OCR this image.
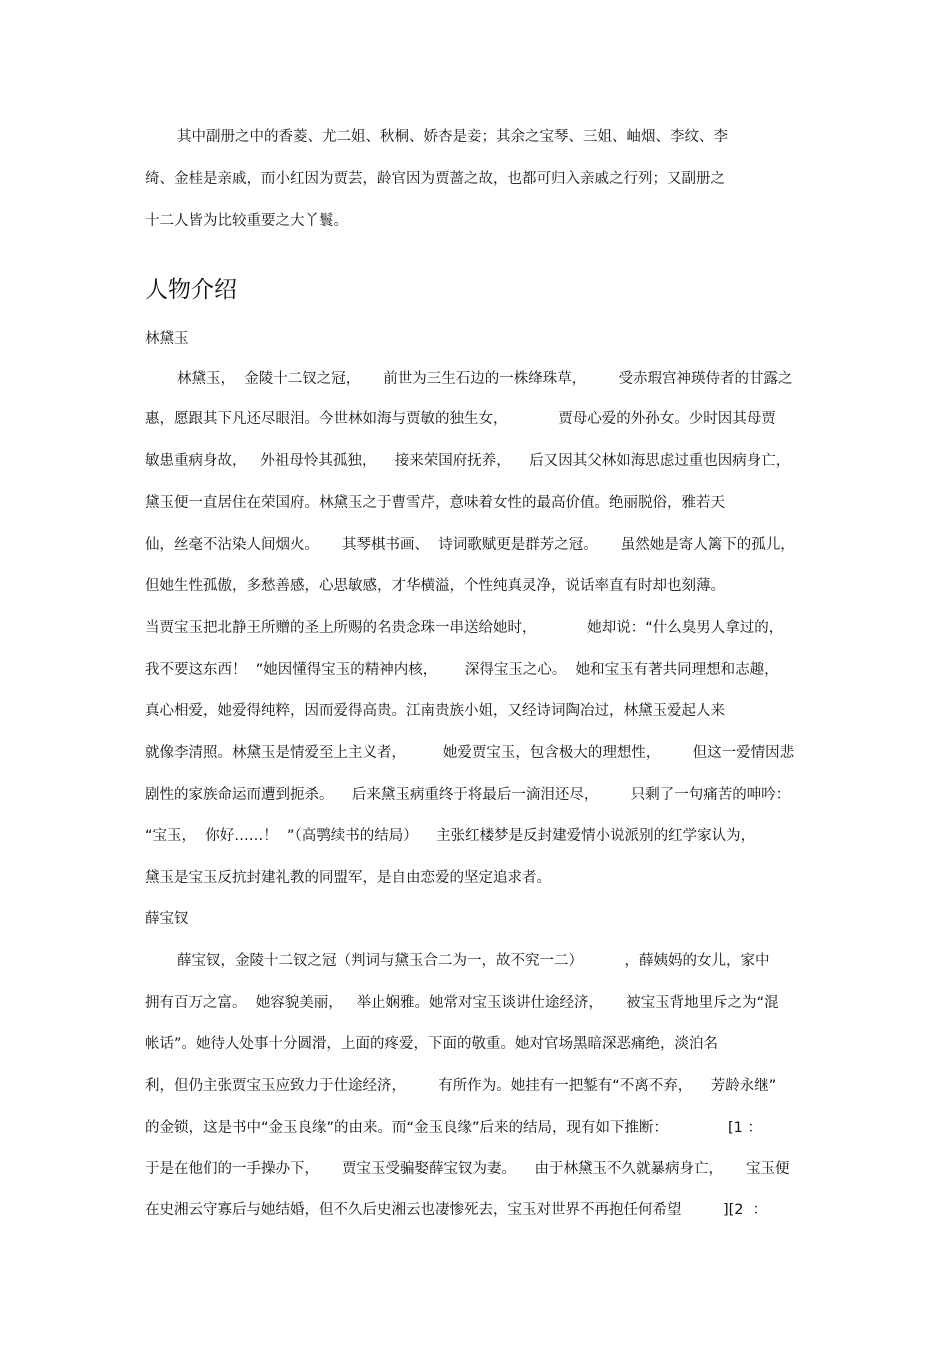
其中副册之中的香菱、尤二姐、秋桐、娇杏是妾；其余之宝琴、三姐、岫烟、李纹、李

绮、金桂是亲戚，而小红因为贾芸，龄官因为贾蔷之故，也都可归入亲戚之行列；又副册之

十二人皆为比较重要之大丫鬟。

人物介绍
林黛玉

林黛玉，  金陵十二钗之冠，     前世为三生石边的一株绛珠草，       受赤瑕宫神瑛侍者的甘露之

惠，愿跟其下凡还尽眼泪。今世林如海与贾敏的独生女，           贾母心爱的外孙女。少时因其母贾

敏患重病身故，   外祖母怜其孤独，    接来荣国府抚养，    后又因其父林如海思虑过重也因病身亡，

黛玉便一直居住在荣国府。林黛玉之于曹雪芹，意味着女性的最高价值。绝丽脱俗，雅若天

仙，丝毫不沾染人间烟火。     其琴棋书画、  诗词歌赋更是群芳之冠。     虽然她是寄人篱下的孤儿，

但她生性孤傲，多愁善感，心思敏感，才华横溢，个性纯真灵净，说话率直有时却也刻薄。

当贾宝玉把北静王所赠的圣上所赐的名贵念珠一串送给她时，           她却说：“什么臭男人拿过的，

我不要这东西！  ”她因懂得宝玉的精神内核，      深得宝玉之心。  她和宝玉有著共同理想和志趣，

真心相爱，她爱得纯粹，因而爱得高贵。江南贵族小姐，又经诗词陶冶过，林黛玉爱起人来

就像李清照。林黛玉是情爱至上主义者，        她爱贾宝玉，包含极大的理想性，       但这一爱情因悲

剧性的家族命运而遭到扼杀。    后来黛玉病重终于将最后一滴泪还尽，       只剩了一句痛苦的呻吟：

“宝玉，  你好……！  ”（高鹗续书的结局）    主张红楼梦是反封建爱情小说派别的红学家认为，

黛玉是宝玉反抗封建礼教的同盟军，是自由恋爱的坚定追求者。

薛宝钗

薛宝钗，金陵十二钗之冠（判词与黛玉合二为一，故不究一二）         ，薛姨妈的女儿，家中

拥有百万之富。  她容貌美丽，   举止娴雅。她常对宝玉谈讲仕途经济，     被宝玉背地里斥之为“混

帐话”。她待人处事十分圆滑，上面的疼爱，下面的敬重。她对官场黑暗深恶痛绝，淡泊名

利，但仍主张贾宝玉应致力于仕途经济，       有所作为。她挂有一把錾有“不离不弃，    芳龄永继”

的金锁，这是书中“金玉良缘”的由来。而“金玉良缘”后来的结局，现有如下推断：             [1 ：

于是在他们的一手操办下，     贾宝玉受骗娶薛宝钗为妻。    由于林黛玉不久就暴病身亡，     宝玉便

在史湘云守寡后与她结婚，但不久后史湘云也凄惨死去，宝玉对世界不再抱任何希望         ][2  ：
